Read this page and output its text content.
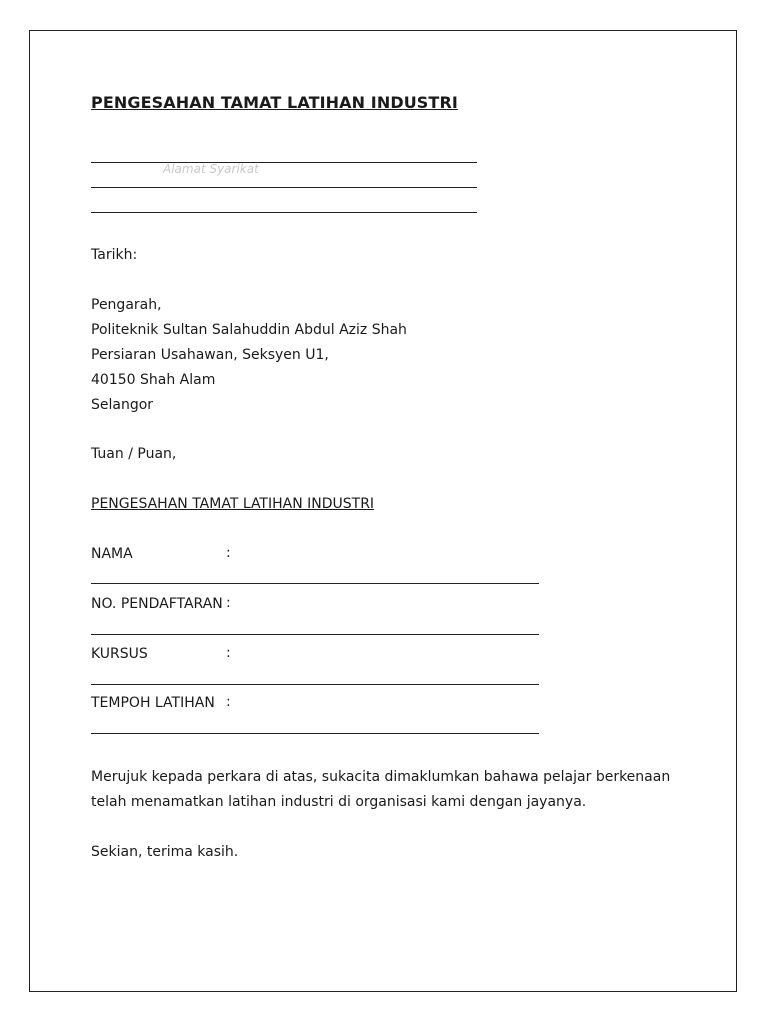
PENGESAHAN TAMAT LATIHAN INDUSTRI
Alamat Syarikat
Tarikh:
Pengarah,
Politeknik Sultan Salahuddin Abdul Aziz Shah
Persiaran Usahawan, Seksyen U1,
40150 Shah Alam
Selangor
Tuan / Puan,
PENGESAHAN TAMAT LATIHAN INDUSTRI
NAMA	:
NO. PENDAFTARAN :
KURSUS	:
TEMPOH LATIHAN :
Merujuk kepada perkara di atas, sukacita dimaklumkan bahawa pelajar berkenaan
telah menamatkan latihan industri di organisasi kami dengan jayanya.
Sekian, terima kasih.
